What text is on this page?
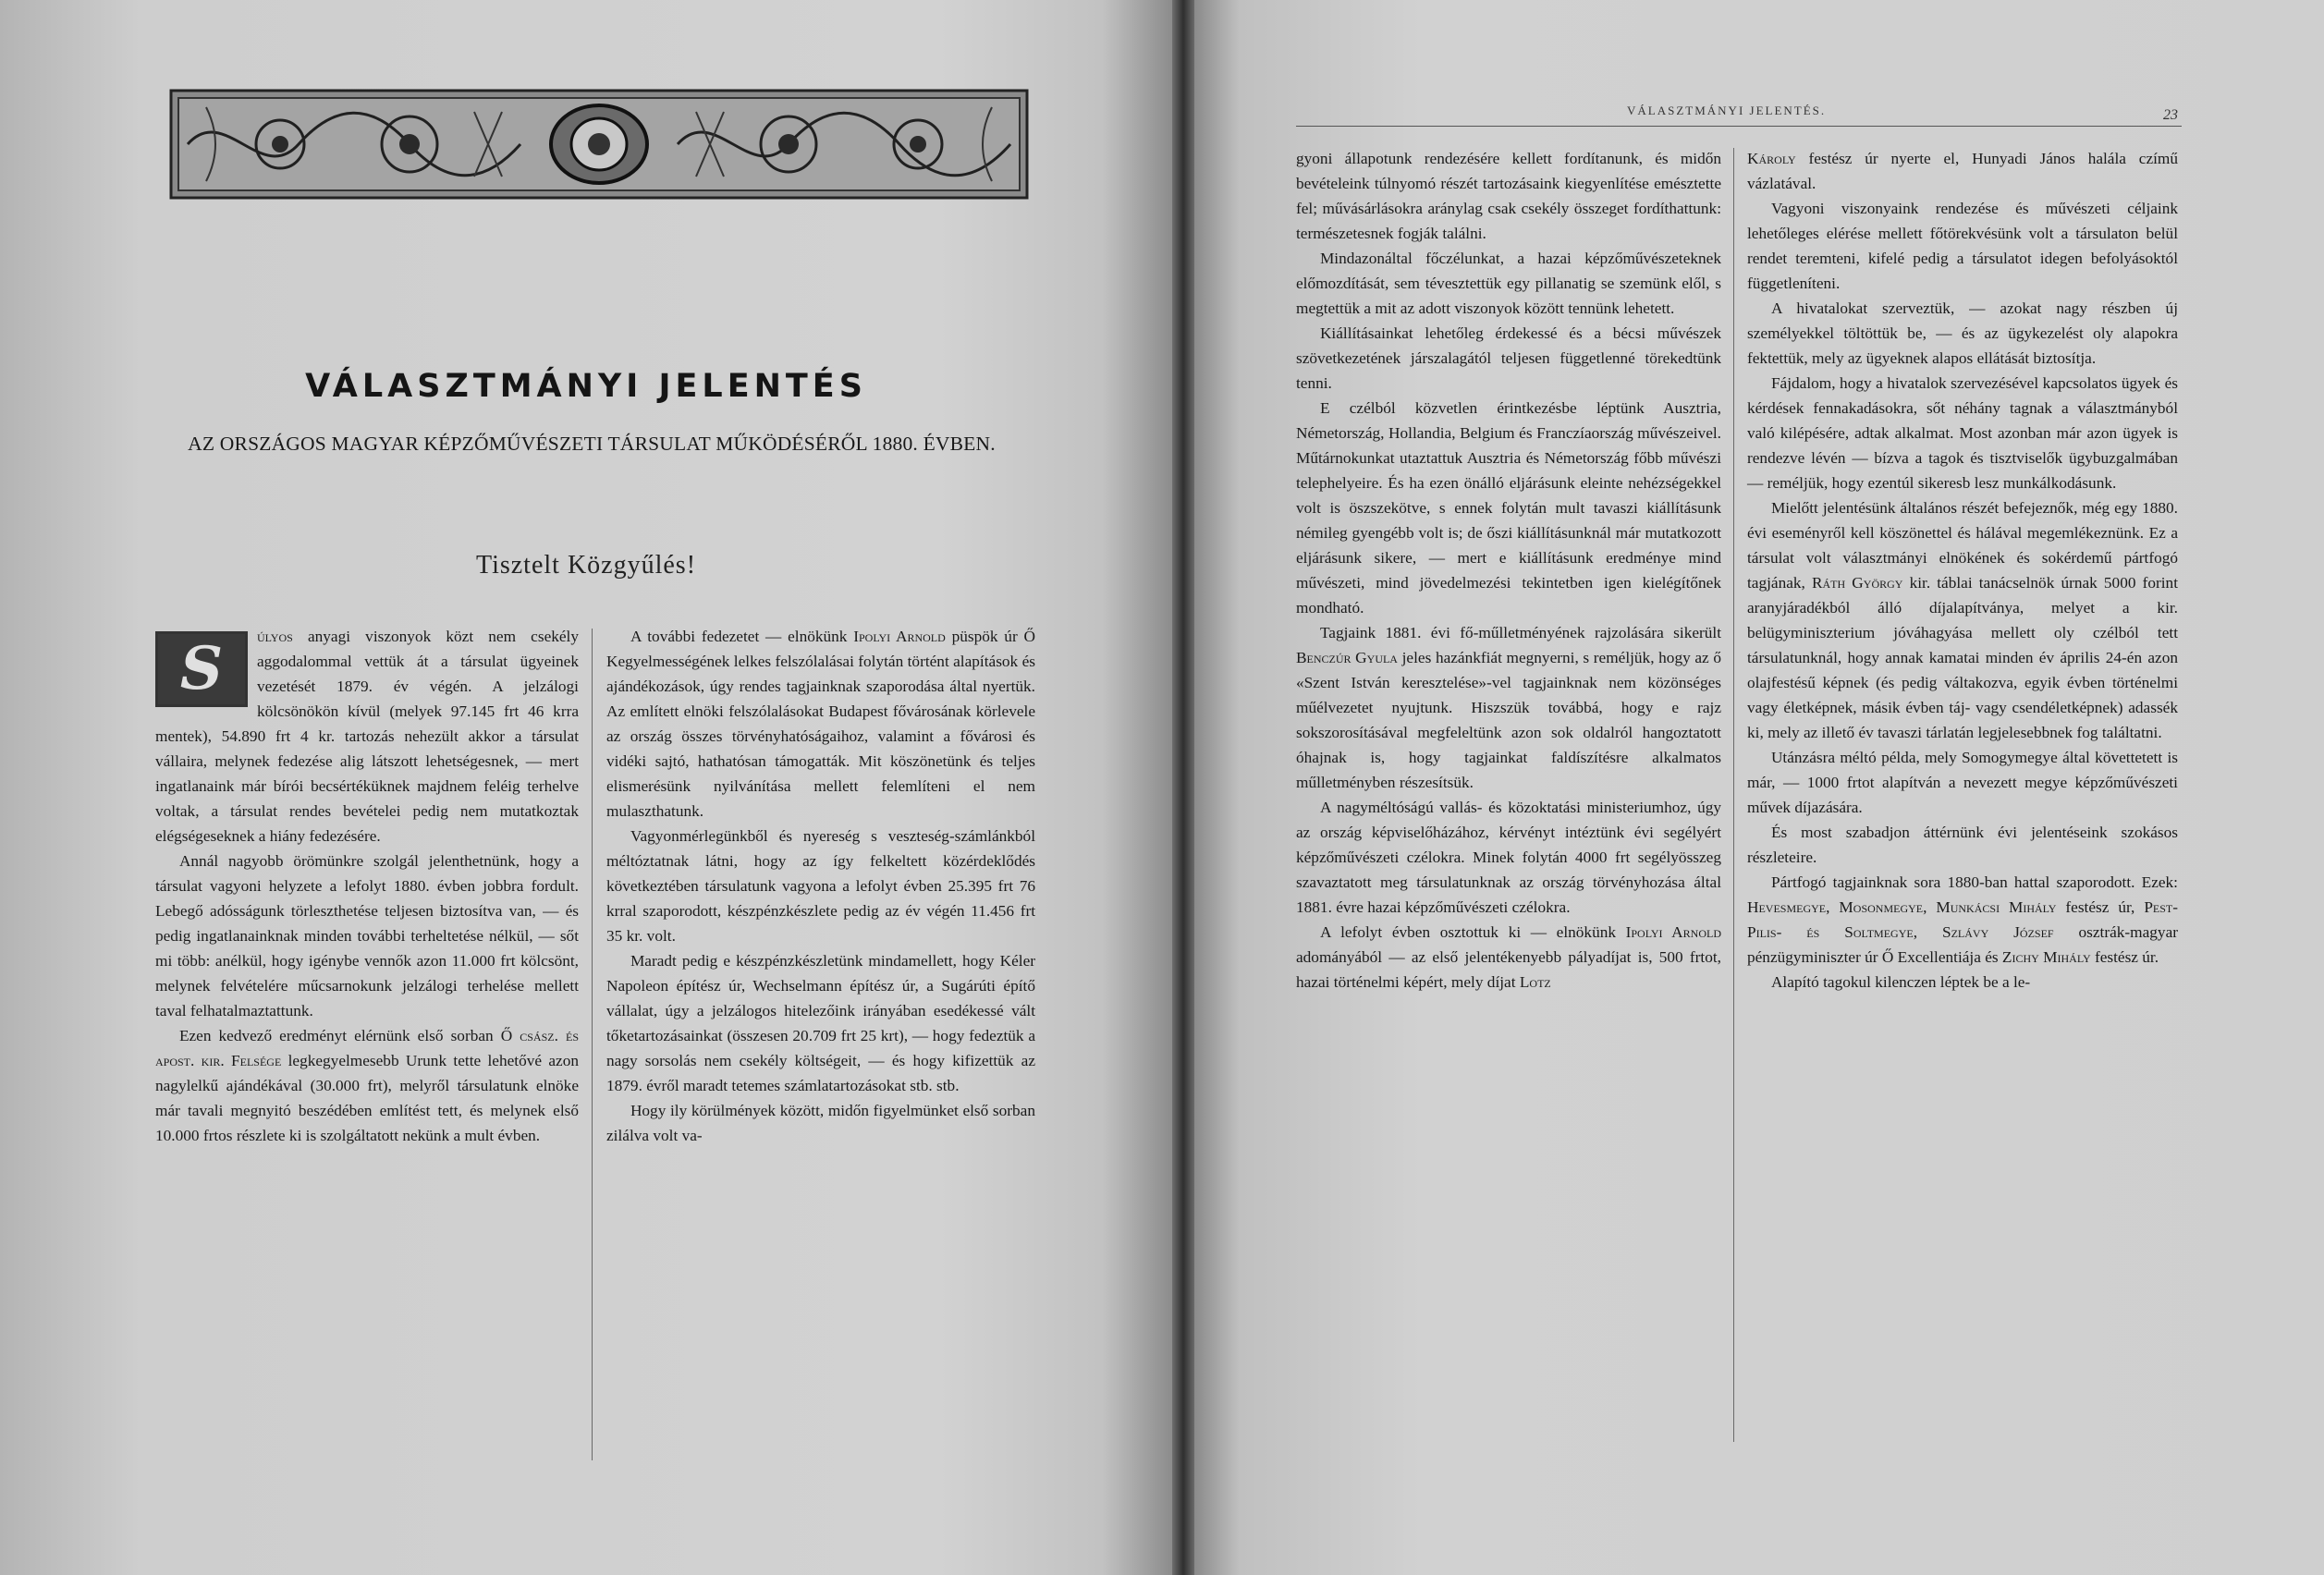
VÁLASZTMÁNYI JELENTÉS
AZ ORSZÁGOS MAGYAR KÉPZŐMŰVÉSZETI TÁRSULAT MŰKÖDÉSÉRŐL 1880. ÉVBEN.
Tisztelt Közgyűlés!

S	úlyos anyagi viszonyok közt nem csekély aggodalommal vettük át a társulat ügyeinek vezetését 1879. év végén. A jelzálogi kölcsönökön kívül (melyek 97.145 frt 46 krra mentek), 54.890 frt 4 kr. tartozás nehezült akkor a társulat vállaira, melynek fedezése alig látszott lehetségesnek, — mert ingatlanaink már bírói becsértéküknek majdnem feléig terhelve voltak, a társulat rendes bevételei pedig nem mutatkoztak elégségeseknek a hiány fedezésére.

Annál nagyobb örömünkre szolgál jelenthetnünk, hogy a társulat vagyoni helyzete a lefolyt 1880. évben jobbra fordult. Lebegő adósságunk törleszthetése teljesen biztosítva van, — és pedig ingatlanainknak minden további terheltetése nélkül, — sőt mi több: anélkül, hogy igénybe vennők azon 11.000 frt kölcsönt, melynek felvételére műcsarnokunk jelzálogi terhelése mellett taval felhatalmaztattunk.

Ezen kedvező eredményt elérnünk első sorban Ő csász. és apost. kir. Felsége legkegyelmesebb Urunk tette lehetővé azon nagylelkű ajándékával (30.000 frt), melyről társulatunk elnöke már tavali megnyitó beszédében említést tett, és melynek első 10.000 frtos részlete ki is szolgáltatott nekünk a mult évben.

A további fedezetet — elnökünk Ipolyi Arnold püspök úr Ő Kegyelmességének lelkes felszólalásai folytán történt alapítások és ajándékozások, úgy rendes tagjainknak szaporodása által nyertük. Az említett elnöki felszólalásokat Budapest fővárosának körlevele az ország összes törvényhatóságaihoz, valamint a fővárosi és vidéki sajtó, hathatósan támogatták. Mit köszönetünk és teljes elismerésünk nyilvánítása mellett felemlíteni el nem mulaszthatunk.

Vagyonmérlegünkből és nyereség s veszteség-számlánkból méltóztatnak látni, hogy az így felkeltett közérdeklődés következtében társulatunk vagyona a lefolyt évben 25.395 frt 76 krral szaporodott, készpénzkészlete pedig az év végén 11.456 frt 35 kr. volt.

Maradt pedig e készpénzkészletünk mindamellett, hogy Kéler Napoleon építész úr, Wechselmann építész úr, a Sugárúti építő vállalat, úgy a jelzálogos hitelezőink irányában esedékessé vált tőketartozásainkat (összesen 20.709 frt 25 krt), — hogy fedeztük a nagy sorsolás nem csekély költségeit, — és hogy kifizettük az 1879. évről maradt tetemes számlatartozásokat stb. stb.

Hogy ily körülmények között, midőn figyelmünket első sorban zilálva volt va-

VÁLASZTMÁNYI JELENTÉS.	23

gyoni állapotunk rendezésére kellett fordítanunk, és midőn bevételeink túlnyomó részét tartozásaink kiegyenlítése emésztette fel; művásárlásokra aránylag csak csekély összeget fordíthattunk: természetesnek fogják találni.

Mindazonáltal főczélunkat, a hazai képzőművészeteknek előmozdítását, sem tévesztettük egy pillanatig se szemünk elől, s megtettük a mit az adott viszonyok között tennünk lehetett.

Kiállításainkat lehetőleg érdekessé és a bécsi művészek szövetkezetének járszalagától teljesen függetlenné törekedtünk tenni.

E czélból közvetlen érintkezésbe léptünk Ausztria, Németország, Hollandia, Belgium és Franczíaország művészeivel. Műtárnokunkat utaztattuk Ausztria és Németország főbb művészi telephelyeire. És ha ezen önálló eljárásunk eleinte nehézségekkel volt is öszszekötve, s ennek folytán mult tavaszi kiállításunk némileg gyengébb volt is; de őszi kiállításunknál már mutatkozott eljárásunk sikere, — mert e kiállításunk eredménye mind művészeti, mind jövedelmezési tekintetben igen kielégítőnek mondható.

Tagjaink 1881. évi fő-műlletményének rajzolására sikerült Benczúr Gyula jeles hazánkfiát megnyerni, s reméljük, hogy az ő «Szent István keresztelése»-vel tagjainknak nem közönséges műélvezetet nyujtunk. Hiszszük továbbá, hogy e rajz sokszorosításával megfeleltünk azon sok oldalról hangoztatott óhajnak is, hogy tagjainkat faldíszítésre alkalmatos műlletményben részesítsük.

A nagyméltóságú vallás- és közoktatási ministeriumhoz, úgy az ország képviselőházához, kérvényt intéztünk évi segélyért képzőművészeti czélokra. Minek folytán 4000 frt segélyösszeg szavaztatott meg társulatunknak az ország törvényhozása által 1881. évre hazai képzőművészeti czélokra.

A lefolyt évben osztottuk ki — elnökünk Ipolyi Arnold adományából — az első jelentékenyebb pályadíjat is, 500 frtot, hazai történelmi képért, mely díjat Lotz

Károly festész úr nyerte el, Hunyadi János halála czímű vázlatával.

Vagyoni viszonyaink rendezése és művészeti céljaink lehetőleges elérése mellett főtörekvésünk volt a társulaton belül rendet teremteni, kifelé pedig a társulatot idegen befolyásoktól függetleníteni.

A hivatalokat szerveztük, — azokat nagy részben új személyekkel töltöttük be, — és az ügykezelést oly alapokra fektettük, mely az ügyeknek alapos ellátását biztosítja.

Fájdalom, hogy a hivatalok szervezésével kapcsolatos ügyek és kérdések fennakadásokra, sőt néhány tagnak a választmányból való kilépésére, adtak alkalmat. Most azonban már azon ügyek is rendezve lévén — bízva a tagok és tisztviselők ügybuzgalmában — reméljük, hogy ezentúl sikeresb lesz munkálkodásunk.

Mielőtt jelentésünk általános részét befejeznők, még egy 1880. évi eseményről kell köszönettel és hálával megemlékeznünk. Ez a társulat volt választmányi elnökének és sokérdemű pártfogó tagjának, Ráth György kir. táblai tanácselnök úrnak 5000 forint aranyjáradékból álló díjalapítványa, melyet a kir. belügyminiszterium jóváhagyása mellett oly czélból tett társulatunknál, hogy annak kamatai minden év április 24-én azon olajfestésű képnek (és pedig váltakozva, egyik évben történelmi vagy életképnek, másik évben táj- vagy csendéletképnek) adassék ki, mely az illető év tavaszi tárlatán legjelesebbnek fog találtatni.

Utánzásra méltó példa, mely Somogymegye által követtetett is már, — 1000 frtot alapítván a nevezett megye képzőművészeti művek díjazására.

És most szabadjon áttérnünk évi jelentéseink szokásos részleteire.

Pártfogó tagjainknak sora 1880-ban hattal szaporodott. Ezek: Hevesmegye, Mosonmegye, Munkácsi Mihály festész úr, Pest-Pilis- és Soltmegye, Szlávy József osztrák-magyar pénzügyminiszter úr Ő Excellentiája és Zichy Mihály festész úr.

Alapító tagokul kilenczen léptek be a le-
